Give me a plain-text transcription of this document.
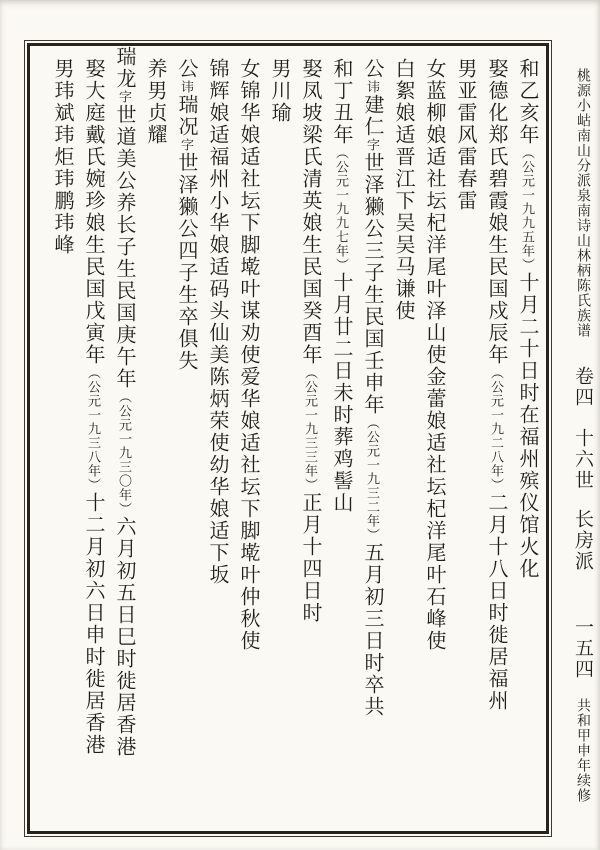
和乙亥年（公元一九九五年）十月二十日时在福州殡仪馆火化
娶德化郑氏碧霞娘生民国戍辰年（公元一九二八年）二月十八日时徙居福州
男亚雷风雷春雷
女蓝柳娘适社坛杞洋尾叶泽山使金蕾娘适社坛杞洋尾叶石峰使
白絮娘适晋江下吴吴马谦使
公讳建仁字世泽獭公三子生民国壬申年（公元一九三二年）五月初三日时卒共
和丁丑年（公元一九九七年）十月廿二日未时葬鸡髻山
娶凤坡梁氏清英娘生民国癸酉年（公元一九三三年）正月十四日时
男川瑜
女锦华娘适社坛下脚墘叶谋劝使爱华娘适社坛下脚墘叶仲秋使
锦辉娘适福州小华娘适码头仙美陈炳荣使幼华娘适下坂
公讳瑞况字世泽獭公四子生卒俱失
养男贞耀
瑞龙字世道美公养长子生民国庚午年（公元一九三〇年）六月初五日巳时徙居香港
娶大庭戴氏婉珍娘生民国戊寅年（公元一九三八年）十二月初六日申时徙居香港
男玮斌玮炬玮鹏玮峰	桃源小岵南山分派泉南诗山林柄陈氏族谱卷四十六世长房派一五四共和甲申年续修
